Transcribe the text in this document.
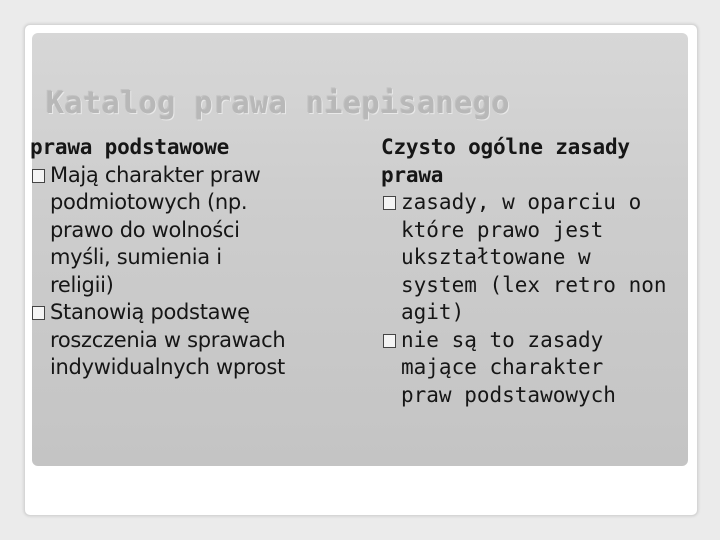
Katalog prawa niepisanego
prawa podstawowe
Mają charakter praw
podmiotowych (np.
prawo do wolności
myśli, sumienia i
religii)
Stanowią podstawę
roszczenia w sprawach
indywidualnych wprost
Czysto ogólne zasady
prawa
zasady, w oparciu o
które prawo jest
ukształtowane w
system (lex retro non
agit)
nie są to zasady
mające charakter
praw podstawowych
